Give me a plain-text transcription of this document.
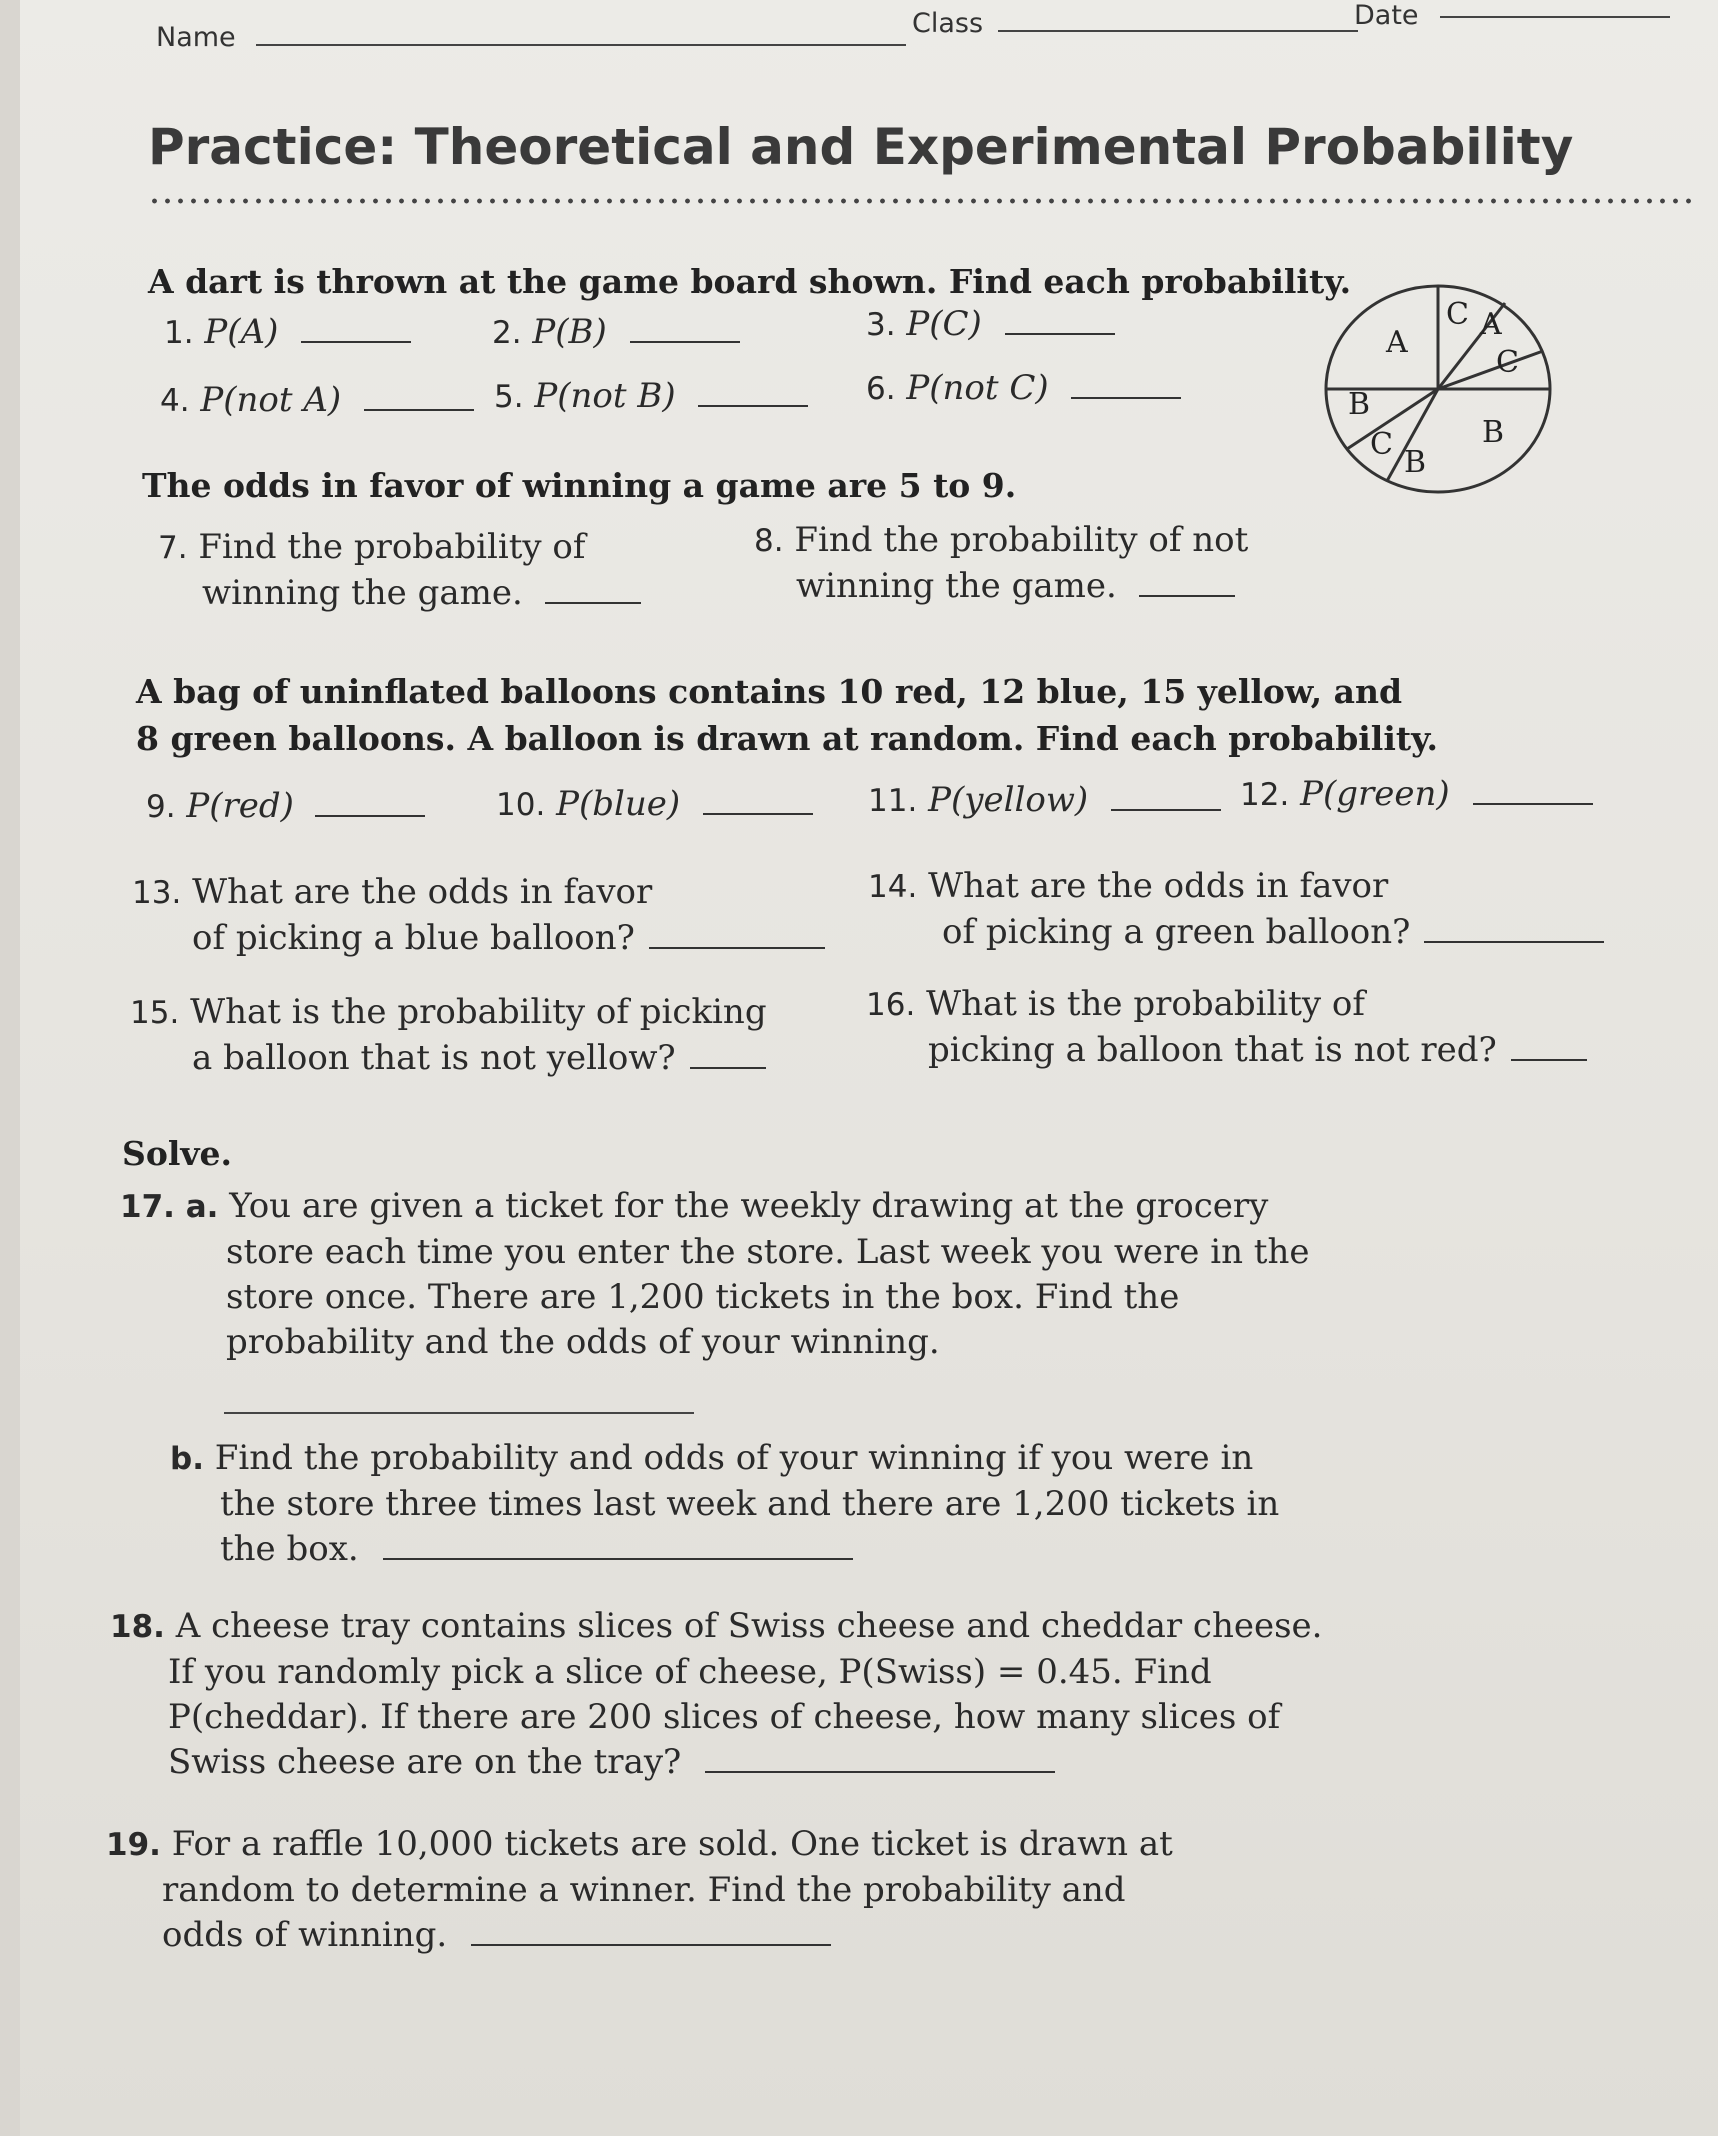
Name	Class	Date
Practice: Theoretical and Experimental Probability
A dart is thrown at the game board shown. Find each probability.
1. P(A)	2. P(B)	3. P(C)
4. P(not A)	5. P(not B)	6. P(not C)
A
C A
C
B
B
C
B
The odds in favor of winning a game are 5 to 9.
7. Find the probability of
winning the game.
8. Find the probability of not
winning the game.
A bag of uninflated balloons contains 10 red, 12 blue, 15 yellow, and
8 green balloons. A balloon is drawn at random. Find each probability.
9. P(red)	10. P(blue)	11. P(yellow)	12. P(green)
13. What are the odds in favor
of picking a blue balloon?
14. What are the odds in favor
of picking a green balloon?
15. What is the probability of picking
a balloon that is not yellow?
16. What is the probability of
picking a balloon that is not red?
Solve.
17. a. You are given a ticket for the weekly drawing at the grocery
store each time you enter the store. Last week you were in the
store once. There are 1,200 tickets in the box. Find the
probability and the odds of your winning.
b. Find the probability and odds of your winning if you were in
the store three times last week and there are 1,200 tickets in
the box.
18. A cheese tray contains slices of Swiss cheese and cheddar cheese.
If you randomly pick a slice of cheese, P(Swiss) = 0.45. Find
P(cheddar). If there are 200 slices of cheese, how many slices of
Swiss cheese are on the tray?
19. For a raffle 10,000 tickets are sold. One ticket is drawn at
random to determine a winner. Find the probability and
odds of winning.
